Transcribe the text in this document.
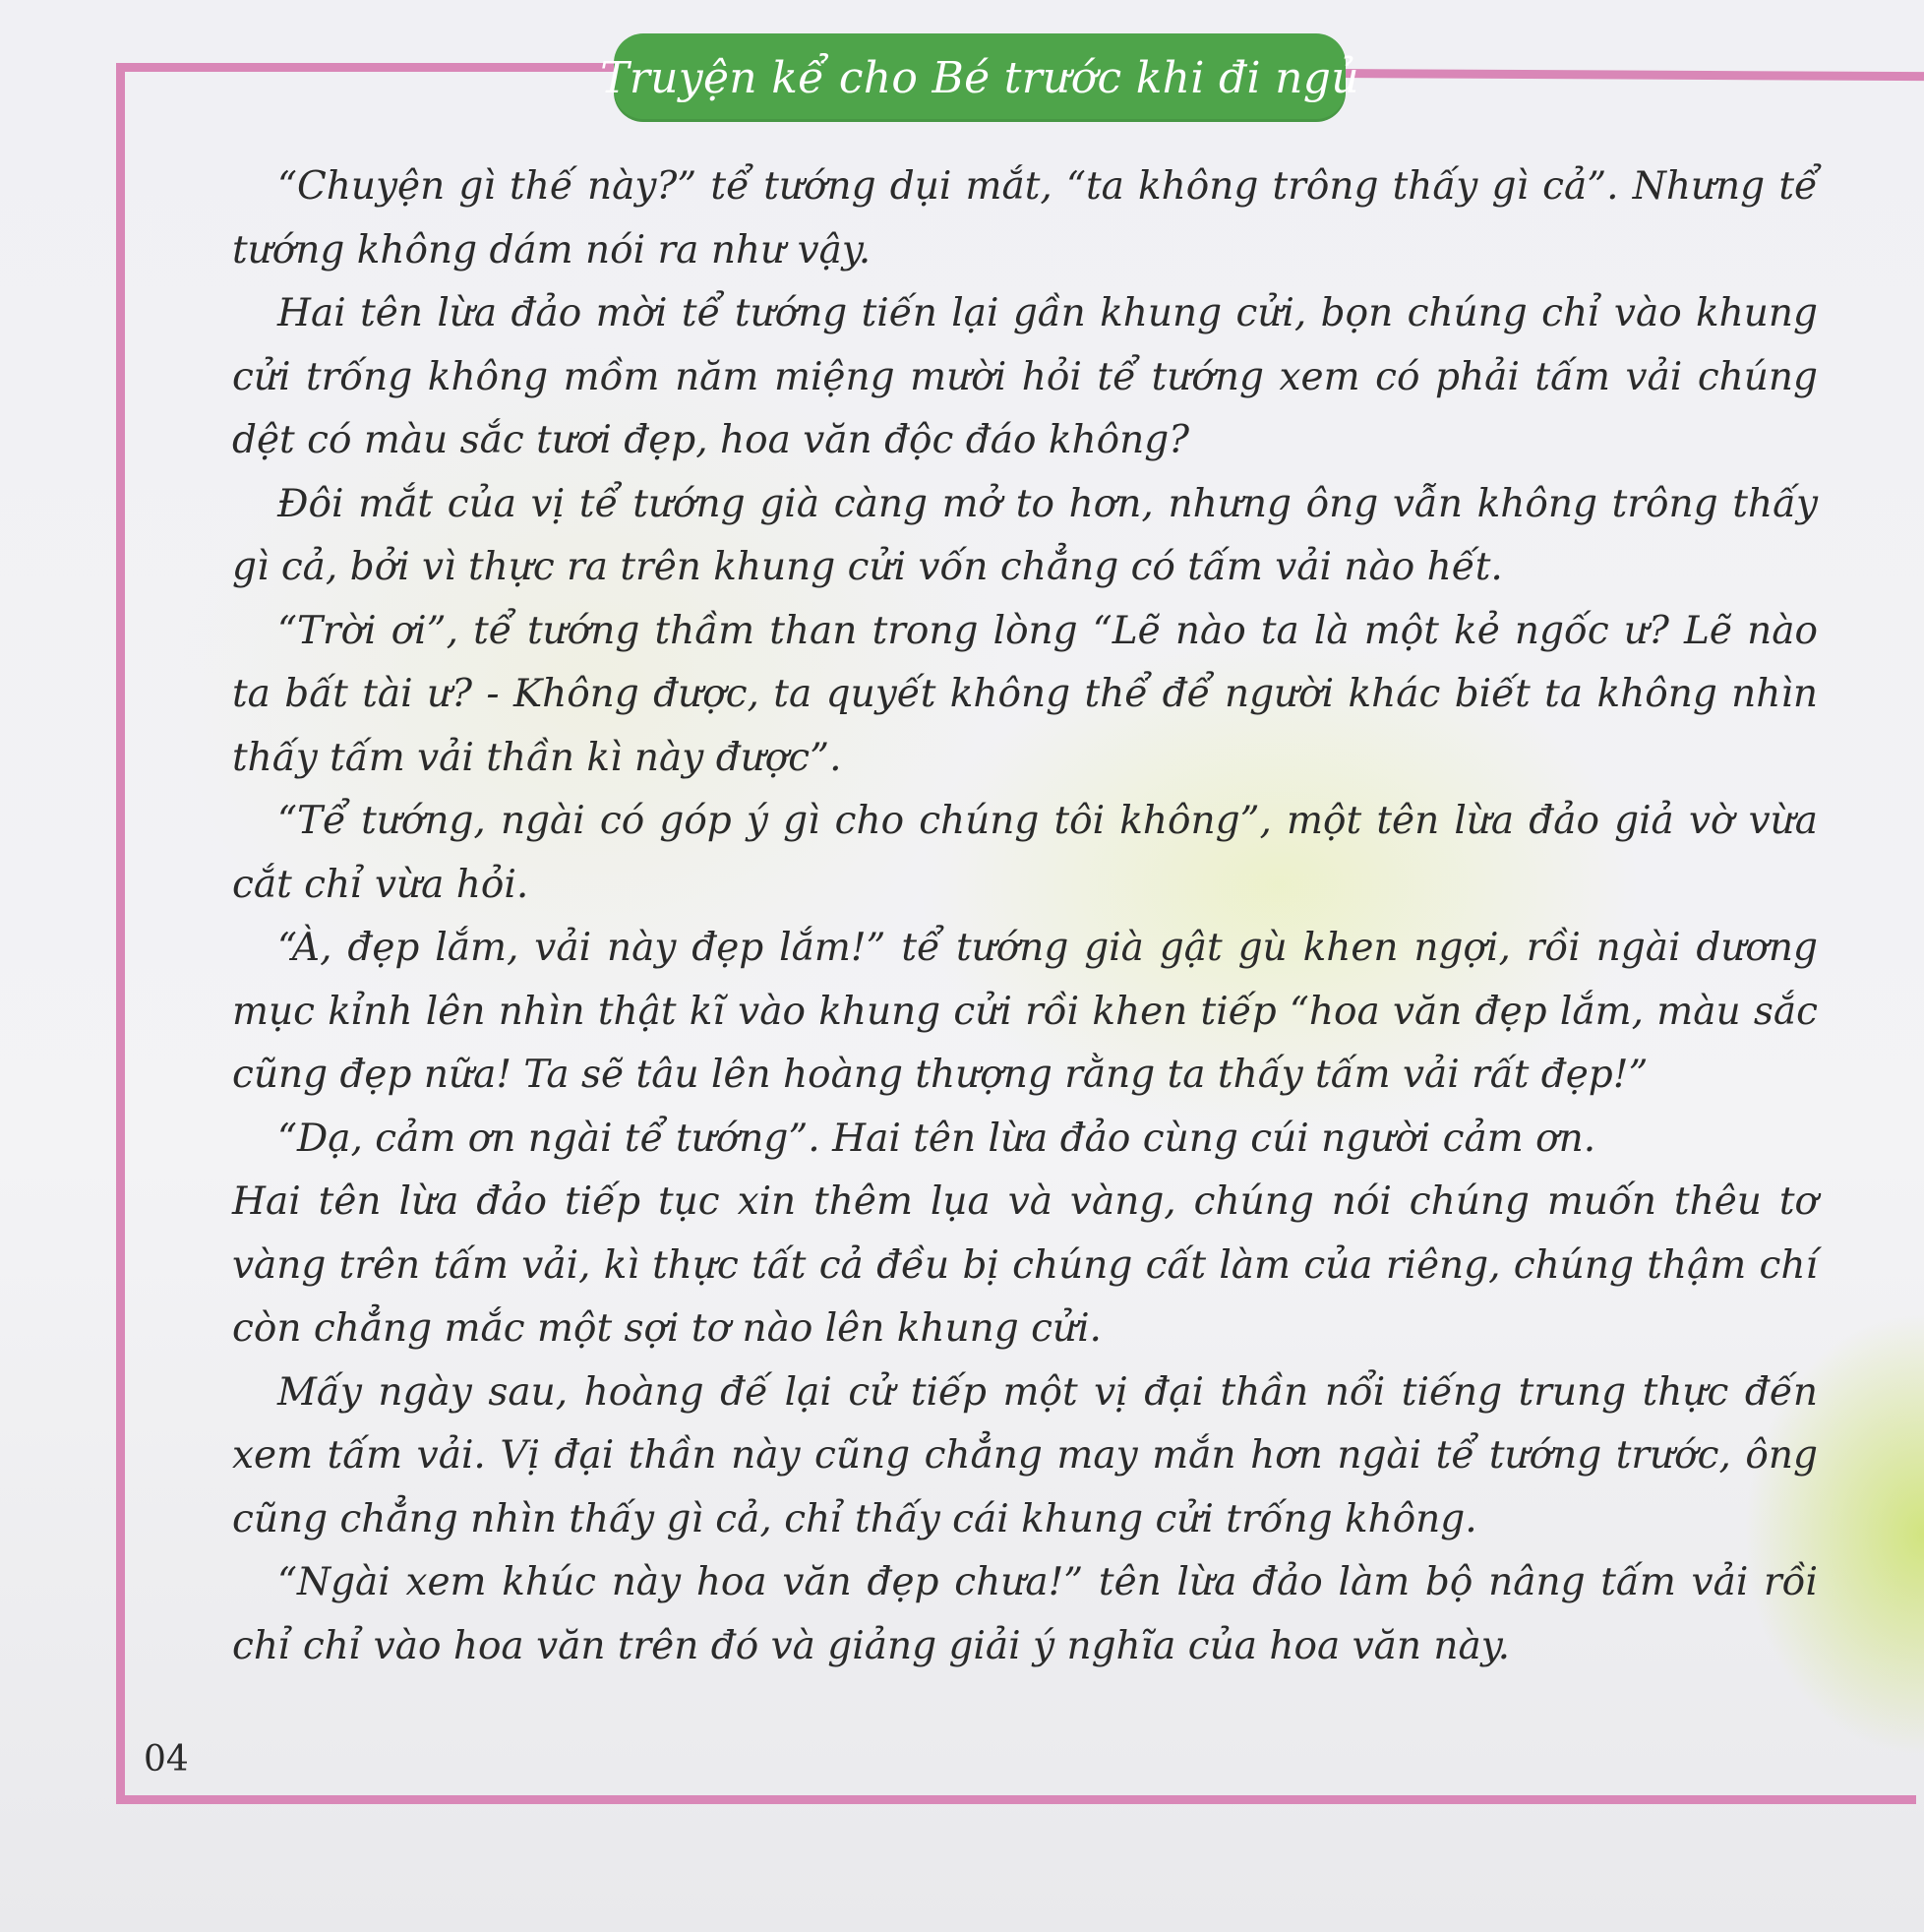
Truyện kể cho Bé trước khi đi ngủ

“Chuyện gì thế này?” tể tướng dụi mắt, “ta không trông thấy gì cả”. Nhưng tể tướng không dám nói ra như vậy.

Hai tên lừa đảo mời tể tướng tiến lại gần khung cửi, bọn chúng chỉ vào khung cửi trống không mồm năm miệng mười hỏi tể tướng xem có phải tấm vải chúng dệt có màu sắc tươi đẹp, hoa văn độc đáo không?

Đôi mắt của vị tể tướng già càng mở to hơn, nhưng ông vẫn không trông thấy gì cả, bởi vì thực ra trên khung cửi vốn chẳng có tấm vải nào hết.

“Trời ơi”, tể tướng thầm than trong lòng “Lẽ nào ta là một kẻ ngốc ư? Lẽ nào ta bất tài ư? - Không được, ta quyết không thể để người khác biết ta không nhìn thấy tấm vải thần kì này được”.

“Tể tướng, ngài có góp ý gì cho chúng tôi không”, một tên lừa đảo giả vờ vừa cắt chỉ vừa hỏi.

“À, đẹp lắm, vải này đẹp lắm!” tể tướng già gật gù khen ngợi, rồi ngài dương mục kỉnh lên nhìn thật kĩ vào khung cửi rồi khen tiếp “hoa văn đẹp lắm, màu sắc cũng đẹp nữa! Ta sẽ tâu lên hoàng thượng rằng ta thấy tấm vải rất đẹp!”

“Dạ, cảm ơn ngài tể tướng”. Hai tên lừa đảo cùng cúi người cảm ơn.

Hai tên lừa đảo tiếp tục xin thêm lụa và vàng, chúng nói chúng muốn thêu tơ vàng trên tấm vải, kì thực tất cả đều bị chúng cất làm của riêng, chúng thậm chí còn chẳng mắc một sợi tơ nào lên khung cửi.

Mấy ngày sau, hoàng đế lại cử tiếp một vị đại thần nổi tiếng trung thực đến xem tấm vải. Vị đại thần này cũng chẳng may mắn hơn ngài tể tướng trước, ông cũng chẳng nhìn thấy gì cả, chỉ thấy cái khung cửi trống không.

“Ngài xem khúc này hoa văn đẹp chưa!” tên lừa đảo làm bộ nâng tấm vải rồi chỉ chỉ vào hoa văn trên đó và giảng giải ý nghĩa của hoa văn này.

04
